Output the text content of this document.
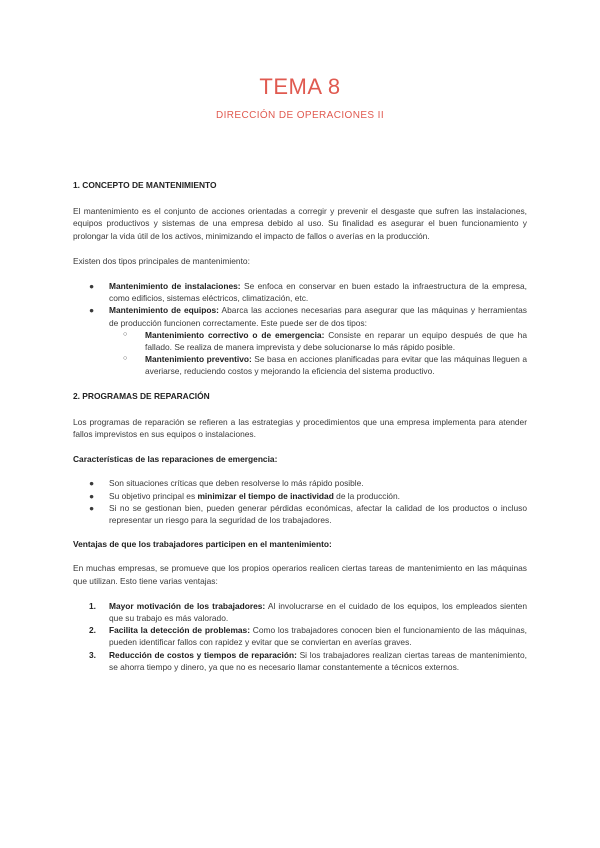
TEMA 8
DIRECCIÓN DE OPERACIONES II
1. CONCEPTO DE MANTENIMIENTO

El mantenimiento es el conjunto de acciones orientadas a corregir y prevenir el desgaste que sufren las instalaciones, equipos productivos y sistemas de una empresa debido al uso. Su finalidad es asegurar el buen funcionamiento y prolongar la vida útil de los activos, minimizando el impacto de fallos o averías en la producción.

Existen dos tipos principales de mantenimiento:

● Mantenimiento de instalaciones: Se enfoca en conservar en buen estado la infraestructura de la empresa, como edificios, sistemas eléctricos, climatización, etc.
● Mantenimiento de equipos: Abarca las acciones necesarias para asegurar que las máquinas y herramientas de producción funcionen correctamente. Este puede ser de dos tipos:
○ Mantenimiento correctivo o de emergencia: Consiste en reparar un equipo después de que ha fallado. Se realiza de manera imprevista y debe solucionarse lo más rápido posible.
○ Mantenimiento preventivo: Se basa en acciones planificadas para evitar que las máquinas lleguen a averiarse, reduciendo costos y mejorando la eficiencia del sistema productivo.
2. PROGRAMAS DE REPARACIÓN

Los programas de reparación se refieren a las estrategias y procedimientos que una empresa implementa para atender fallos imprevistos en sus equipos o instalaciones.

Características de las reparaciones de emergencia:
● Son situaciones críticas que deben resolverse lo más rápido posible.
● Su objetivo principal es minimizar el tiempo de inactividad de la producción.
● Si no se gestionan bien, pueden generar pérdidas económicas, afectar la calidad de los productos o incluso representar un riesgo para la seguridad de los trabajadores.
Ventajas de que los trabajadores participen en el mantenimiento:

En muchas empresas, se promueve que los propios operarios realicen ciertas tareas de mantenimiento en las máquinas que utilizan. Esto tiene varias ventajas:

1. Mayor motivación de los trabajadores: Al involucrarse en el cuidado de los equipos, los empleados sienten que su trabajo es más valorado.
2. Facilita la detección de problemas: Como los trabajadores conocen bien el funcionamiento de las máquinas, pueden identificar fallos con rapidez y evitar que se conviertan en averías graves.
3. Reducción de costos y tiempos de reparación: Si los trabajadores realizan ciertas tareas de mantenimiento, se ahorra tiempo y dinero, ya que no es necesario llamar constantemente a técnicos externos.
